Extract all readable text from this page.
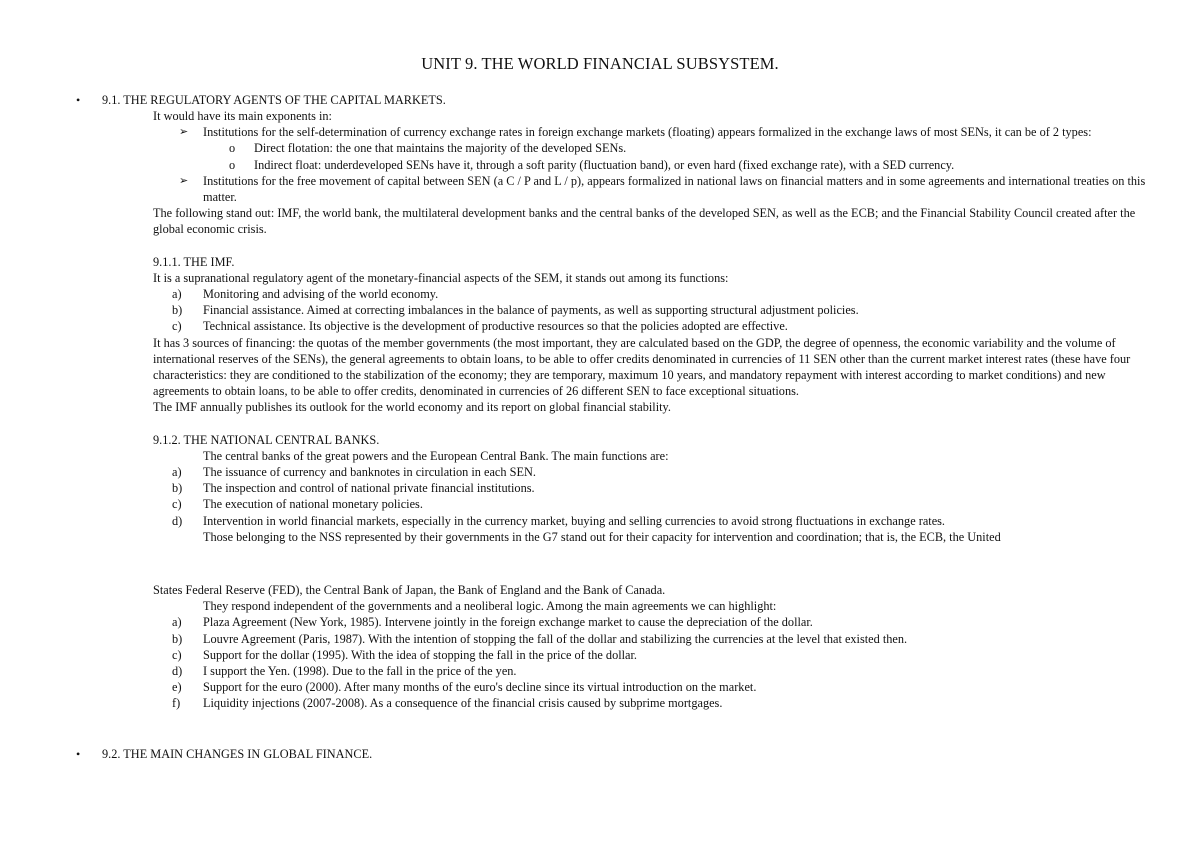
UNIT 9. THE WORLD FINANCIAL SUBSYSTEM.
• 9.1. THE REGULATORY AGENTS OF THE CAPITAL MARKETS.

It would have its main exponents in:

➢ Institutions for the self-determination of currency exchange rates in foreign exchange markets (floating) appears formalized in the exchange laws of most SENs, it can be of 2 types:
o Direct flotation: the one that maintains the majority of the developed SENs.
o Indirect float: underdeveloped SENs have it, through a soft parity (fluctuation band), or even hard (fixed exchange rate), with a SED currency.
➢ Institutions for the free movement of capital between SEN (a C / P and L / p), appears formalized in national laws on financial matters and in some agreements and international treaties on this matter.

The following stand out: IMF, the world bank, the multilateral development banks and the central banks of the developed SEN, as well as the ECB; and the Financial Stability Council created after the global economic crisis.

9.1.1. THE IMF.

It is a supranational regulatory agent of the monetary-financial aspects of the SEM, it stands out among its functions:

a) Monitoring and advising of the world economy.
b) Financial assistance. Aimed at correcting imbalances in the balance of payments, as well as supporting structural adjustment policies.
c) Technical assistance. Its objective is the development of productive resources so that the policies adopted are effective.

It has 3 sources of financing: the quotas of the member governments (the most important, they are calculated based on the GDP, the degree of openness, the economic variability and the volume of international reserves of the SENs), the general agreements to obtain loans, to be able to offer credits denominated in currencies of 11 SEN other than the current market interest rates (these have four characteristics: they are conditioned to the stabilization of the economy; they are temporary, maximum 10 years, and mandatory repayment with interest according to market conditions) and new agreements to obtain loans, to be able to offer credits, denominated in currencies of 26 different SEN to face exceptional situations.

The IMF annually publishes its outlook for the world economy and its report on global financial stability.

9.1.2. THE NATIONAL CENTRAL BANKS.

The central banks of the great powers and the European Central Bank. The main functions are:

a) The issuance of currency and banknotes in circulation in each SEN.
b) The inspection and control of national private financial institutions.
c) The execution of national monetary policies.
d) Intervention in world financial markets, especially in the currency market, buying and selling currencies to avoid strong fluctuations in exchange rates.

Those belonging to the NSS represented by their governments in the G7 stand out for their capacity for intervention and coordination; that is, the ECB, the United

States Federal Reserve (FED), the Central Bank of Japan, the Bank of England and the Bank of Canada.

They respond independent of the governments and a neoliberal logic. Among the main agreements we can highlight:

a) Plaza Agreement (New York, 1985). Intervene jointly in the foreign exchange market to cause the depreciation of the dollar.
b) Louvre Agreement (Paris, 1987). With the intention of stopping the fall of the dollar and stabilizing the currencies at the level that existed then.
c) Support for the dollar (1995). With the idea of stopping the fall in the price of the dollar.
d) I support the Yen. (1998). Due to the fall in the price of the yen.
e) Support for the euro (2000). After many months of the euro's decline since its virtual introduction on the market.
f) Liquidity injections (2007-2008). As a consequence of the financial crisis caused by subprime mortgages.
• 9.2. THE MAIN CHANGES IN GLOBAL FINANCE.
